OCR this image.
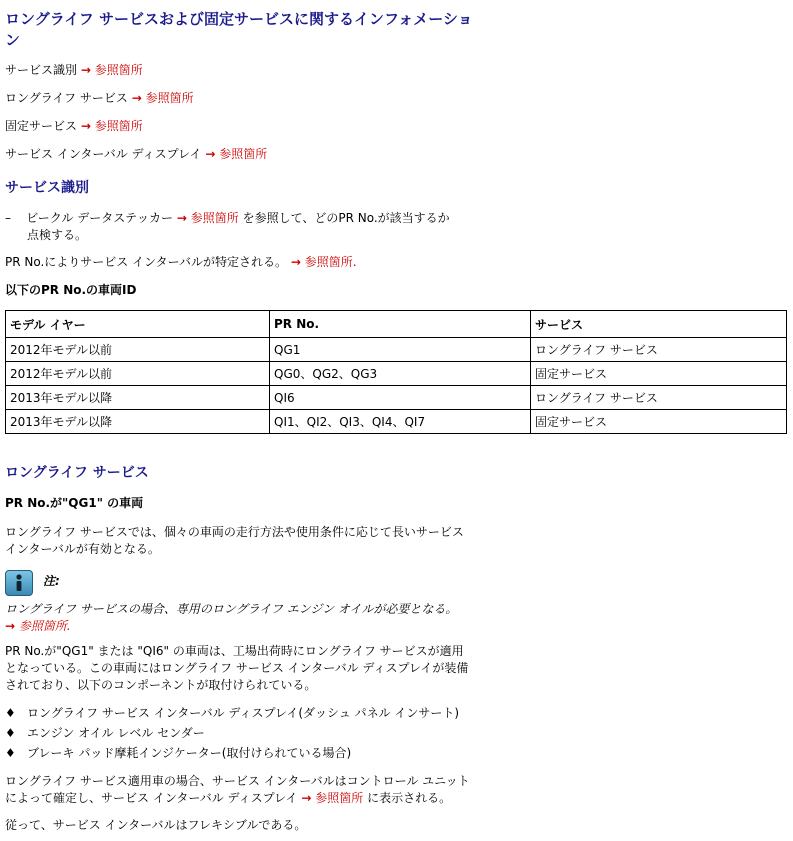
ロングライフ サービスおよび固定サービスに関するインフォメーション
サービス識別 → 参照箇所
ロングライフ サービス → 参照箇所
固定サービス → 参照箇所
サービス インターバル ディスプレイ → 参照箇所
サービス識別
– ビークル データステッカー → 参照箇所 を参照して、どのPR No.が該当するか
点検する。
PR No.によりサービス インターバルが特定される。 → 参照箇所.
以下のPR No.の車両ID
モデル イヤー	PR No.	サービス
2012年モデル以前	QG1	ロングライフ サービス
2012年モデル以前	QG0、QG2、QG3	固定サービス
2013年モデル以降	QI6	ロングライフ サービス
2013年モデル以降	QI1、QI2、QI3、QI4、QI7	固定サービス
ロングライフ サービス
PR No.が"QG1" の車両
ロングライフ サービスでは、個々の車両の走行方法や使用条件に応じて長いサービス インターバルが有効となる。
注:
ロングライフ サービスの場合、専用のロングライフ エンジン オイルが必要となる。
→ 参照箇所.
PR No.が"QG1" または "QI6" の車両は、工場出荷時にロングライフ サービスが適用となっている。この車両にはロングライフ サービス インターバル ディスプレイが装備されており、以下のコンポーネントが取付けられている。
♦ ロングライフ サービス インターバル ディスプレイ(ダッシュ パネル インサート)
♦ エンジン オイル レベル センダー
♦ ブレーキ パッド摩耗インジケーター(取付けられている場合)
ロングライフ サービス適用車の場合、サービス インターバルはコントロール ユニット
によって確定し、サービス インターバル ディスプレイ → 参照箇所 に表示される。
従って、サービス インターバルはフレキシブルである。
